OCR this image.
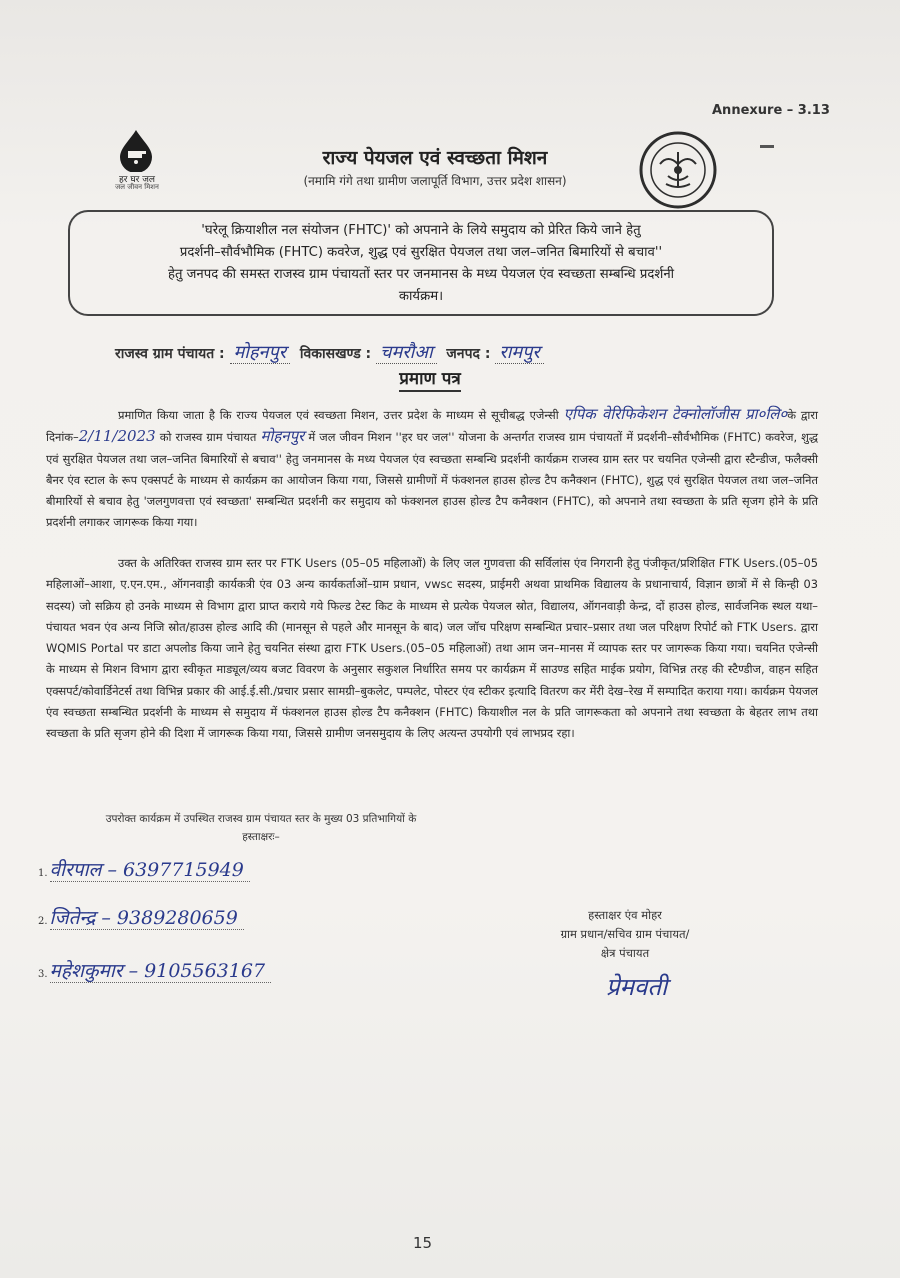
Annexure – 3.13
हर घर जल
जल जीवन मिशन
राज्य पेयजल एवं स्वच्छता मिशन
(नमामि गंगे तथा ग्रामीण जलापूर्ति विभाग, उत्तर प्रदेश शासन)
'घरेलू क्रियाशील नल संयोजन (FHTC)' को अपनाने के लिये समुदाय को प्रेरित किये जाने हेतु
प्रदर्शनी–सौर्वभौमिक (FHTC) कवरेज, शुद्ध एवं सुरक्षित पेयजल तथा जल–जनित बिमारियों से बचाव''
हेतु जनपद की समस्त राजस्व ग्राम पंचायतों स्तर पर जनमानस के मध्य पेयजल एंव स्वच्छता सम्बन्धि प्रदर्शनी
कार्यक्रम।
राजस्व ग्राम पंचायत : मोहनपुर विकासखण्ड : चमरौआ जनपद : रामपुर
प्रमाण पत्र

प्रमाणित किया जाता है कि राज्य पेयजल एवं स्वच्छता मिशन, उत्तर प्रदेश के माध्यम से सूचीबद्ध एजेन्सी एपिक वेरिफिकेशन टेक्नोलॉजीस प्रा०लि०के द्वारा दिनांक–2/11/2023 को राजस्व ग्राम पंचायत मोहनपुर में जल जीवन मिशन ''हर घर जल'' योजना के अन्तर्गत राजस्व ग्राम पंचायतों में प्रदर्शनी–सौर्वभौमिक (FHTC) कवरेज, शुद्ध एवं सुरक्षित पेयजल तथा जल–जनित बिमारियों से बचाव'' हेतु जनमानस के मध्य पेयजल एंव स्वच्छता सम्बन्धि प्रदर्शनी कार्यक्रम राजस्व ग्राम स्तर पर चयनित एजेन्सी द्वारा स्टैन्डीज, फलैक्सी बैनर एंव स्टाल के रूप एक्सपर्ट के माध्यम से कार्यक्रम का आयोजन किया गया, जिससे ग्रामीणों में फंक्शनल हाउस होल्ड टैप कनैक्शन (FHTC), शुद्ध एवं सुरक्षित पेयजल तथा जल–जनित बीमारियों से बचाव हेतु 'जलगुणवत्ता एवं स्वच्छता' सम्बन्धित प्रदर्शनी कर समुदाय को फंक्शनल हाउस होल्ड टैप कनैक्शन (FHTC), को अपनाने तथा स्वच्छता के प्रति सृजग होने के प्रति प्रदर्शनी लगाकर जागरूक किया गया।

उक्त के अतिरिक्त राजस्व ग्राम स्तर पर FTK Users (05–05 महिलाओं) के लिए जल गुणवत्ता की सर्विलांस एंव निगरानी हेतु पंजीकृत/प्रशिक्षित FTK Users.(05–05 महिलाओं–आशा, ए.एन.एम., ऑगनवाड़ी कार्यकत्री एंव 03 अन्य कार्यकर्ताओं–ग्राम प्रधान, vwsc सदस्य, प्राईमरी अथवा प्राथमिक विद्यालय के प्रधानाचार्य, विज्ञान छात्रों में से किन्ही 03 सदस्य) जो सक्रिय हो उनके माध्यम से विभाग द्वारा प्राप्त कराये गये फिल्ड टेस्ट किट के माध्यम से प्रत्येक पेयजल स्रोत, विद्यालय, ऑगनवाड़ी केन्द्र, दों हाउस होल्ड, सार्वजनिक स्थल यथा–पंचायत भवन एंव अन्य निजि स्रोत/हाउस होल्ड आदि की (मानसून से पहले और मानसून के बाद) जल जॉच परिक्षण सम्बन्धित प्रचार–प्रसार तथा जल परिक्षण रिपोर्ट को FTK Users. द्वारा WQMIS Portal पर डाटा अपलोड किया जाने हेतु चयनित संस्था द्वारा FTK Users.(05–05 महिलाओं) तथा आम जन–मानस में व्यापक स्तर पर जागरूक किया गया। चयनित एजेन्सी के माध्यम से मिशन विभाग द्वारा स्वीकृत माड्यूल/व्यय बजट विवरण के अनुसार सकुशल निर्धारित समय पर कार्यक्रम में साउण्ड सहित माईक प्रयोग, विभिन्न तरह की स्टैण्डीज, वाहन सहित एक्सपर्ट/कोवार्डिनेटर्स तथा विभिन्न प्रकार की आई.ई.सी./प्रचार प्रसार सामग्री–बुकलेट, पम्पलेट, पोस्टर एंव स्टीकर इत्यादि वितरण कर मेंरी देख–रेख में सम्पादित कराया गया। कार्यक्रम पेयजल एंव स्वच्छता सम्बन्धित प्रदर्शनी के माध्यम से समुदाय में फंक्शनल हाउस होल्ड टैप कनैक्शन (FHTC) कियाशील नल के प्रति जागरूकता को अपनाने तथा स्वच्छता के बेहतर लाभ तथा स्वच्छता के प्रति सृजग होने की दिशा में जागरूक किया गया, जिससे ग्रामीण जनसमुदाय के लिए अत्यन्त उपयोगी एवं लाभप्रद रहा।

उपरोक्त कार्यक्रम में उपस्थित राजस्व ग्राम पंचायत स्तर के मुख्य 03 प्रतिभागियों के
हस्ताक्षरः–
1. वीरपाल – 6397715949
2. जितेन्द्र – 9389280659
3. महेशकुमार – 9105563167
हस्ताक्षर एंव मोहर
ग्राम प्रधान/सचिव ग्राम पंचायत/
क्षेत्र पंचायत
प्रेमवती
15
